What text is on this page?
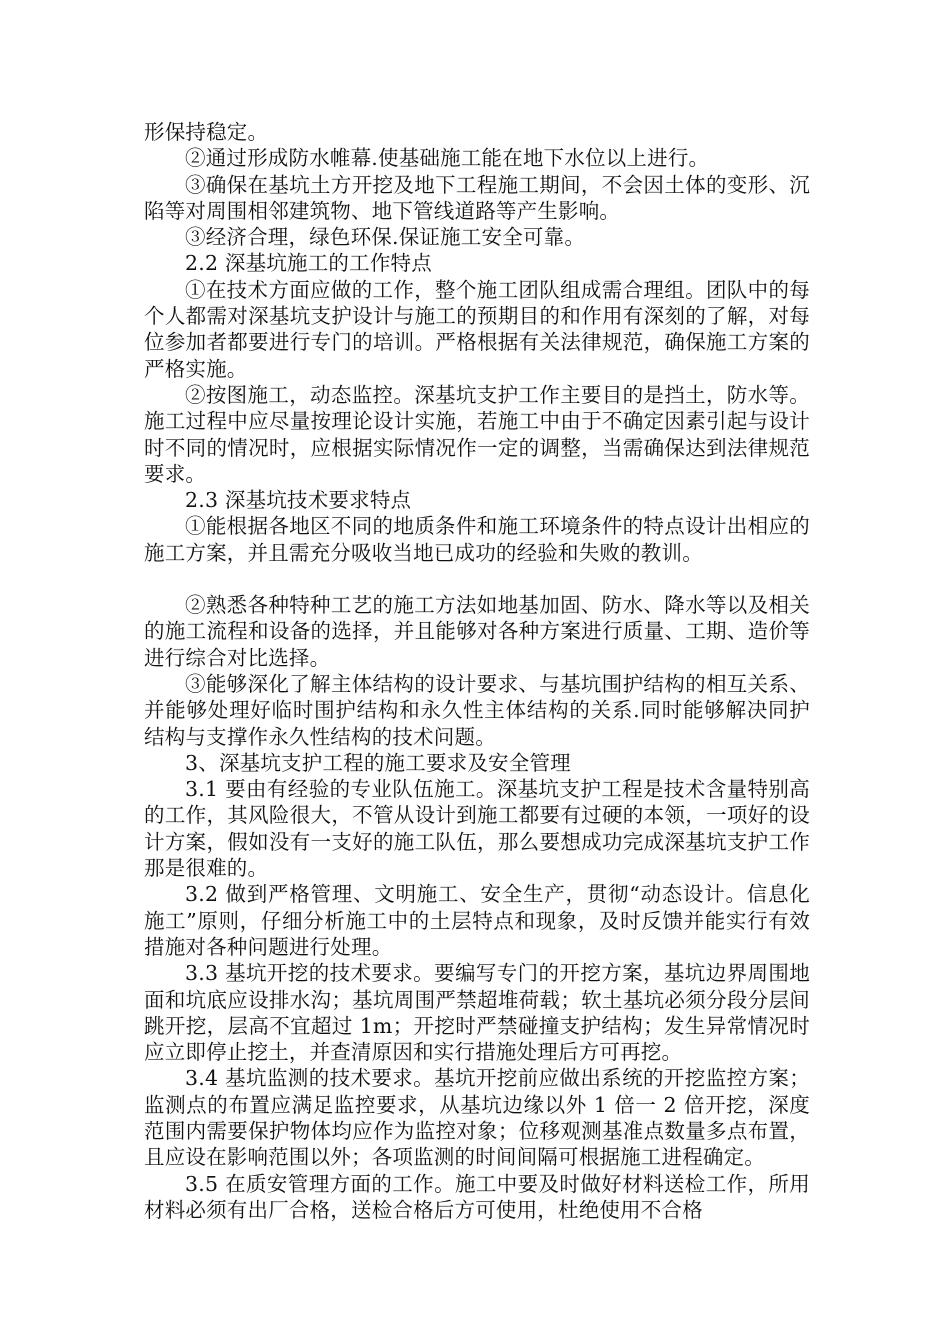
形保持稳定。

②通过形成防水帷幕.使基础施工能在地下水位以上进行。

③确保在基坑土方开挖及地下工程施工期间，不会因土体的变形、沉陷等对周围相邻建筑物、地下管线道路等产生影响。

③经济合理，绿色环保.保证施工安全可靠。

2.2 深基坑施工的工作特点

①在技术方面应做的工作，整个施工团队组成需合理组。团队中的每个人都需对深基坑支护设计与施工的预期目的和作用有深刻的了解，对每位参加者都要进行专门的培训。严格根据有关法律规范，确保施工方案的严格实施。

②按图施工，动态监控。深基坑支护工作主要目的是挡土，防水等。施工过程中应尽量按理论设计实施，若施工中由于不确定因素引起与设计时不同的情况时，应根据实际情况作一定的调整，当需确保达到法律规范要求。

2.3 深基坑技术要求特点

①能根据各地区不同的地质条件和施工环境条件的特点设计出相应的施工方案，并且需充分吸收当地已成功的经验和失败的教训。

②熟悉各种特种工艺的施工方法如地基加固、防水、降水等以及相关的施工流程和设备的选择，并且能够对各种方案进行质量、工期、造价等进行综合对比选择。

③能够深化了解主体结构的设计要求、与基坑围护结构的相互关系、并能够处理好临时围护结构和永久性主体结构的关系.同时能够解决同护结构与支撑作永久性结构的技术问题。

3、深基坑支护工程的施工要求及安全管理

3.1 要由有经验的专业队伍施工。深基坑支护工程是技术含量特别高的工作，其风险很大，不管从设计到施工都要有过硬的本领，一项好的设计方案，假如没有一支好的施工队伍，那么要想成功完成深基坑支护工作那是很难的。

3.2 做到严格管理、文明施工、安全生产，贯彻“动态设计。信息化施工”原则，仔细分析施工中的土层特点和现象，及时反馈并能实行有效措施对各种问题进行处理。

3.3 基坑开挖的技术要求。要编写专门的开挖方案，基坑边界周围地面和坑底应设排水沟；基坑周围严禁超堆荷载；软土基坑必须分段分层间跳开挖，层高不宜超过 1m；开挖时严禁碰撞支护结构；发生异常情况时应立即停止挖土，并查清原因和实行措施处理后方可再挖。

3.4 基坑监测的技术要求。基坑开挖前应做出系统的开挖监控方案；监测点的布置应满足监控要求，从基坑边缘以外 1 倍一 2 倍开挖，深度范围内需要保护物体均应作为监控对象；位移观测基准点数量多点布置，且应设在影响范围以外；各项监测的时间间隔可根据施工进程确定。

3.5 在质安管理方面的工作。施工中要及时做好材料送检工作，所用材料必须有出厂合格，送检合格后方可使用，杜绝使用不合格
